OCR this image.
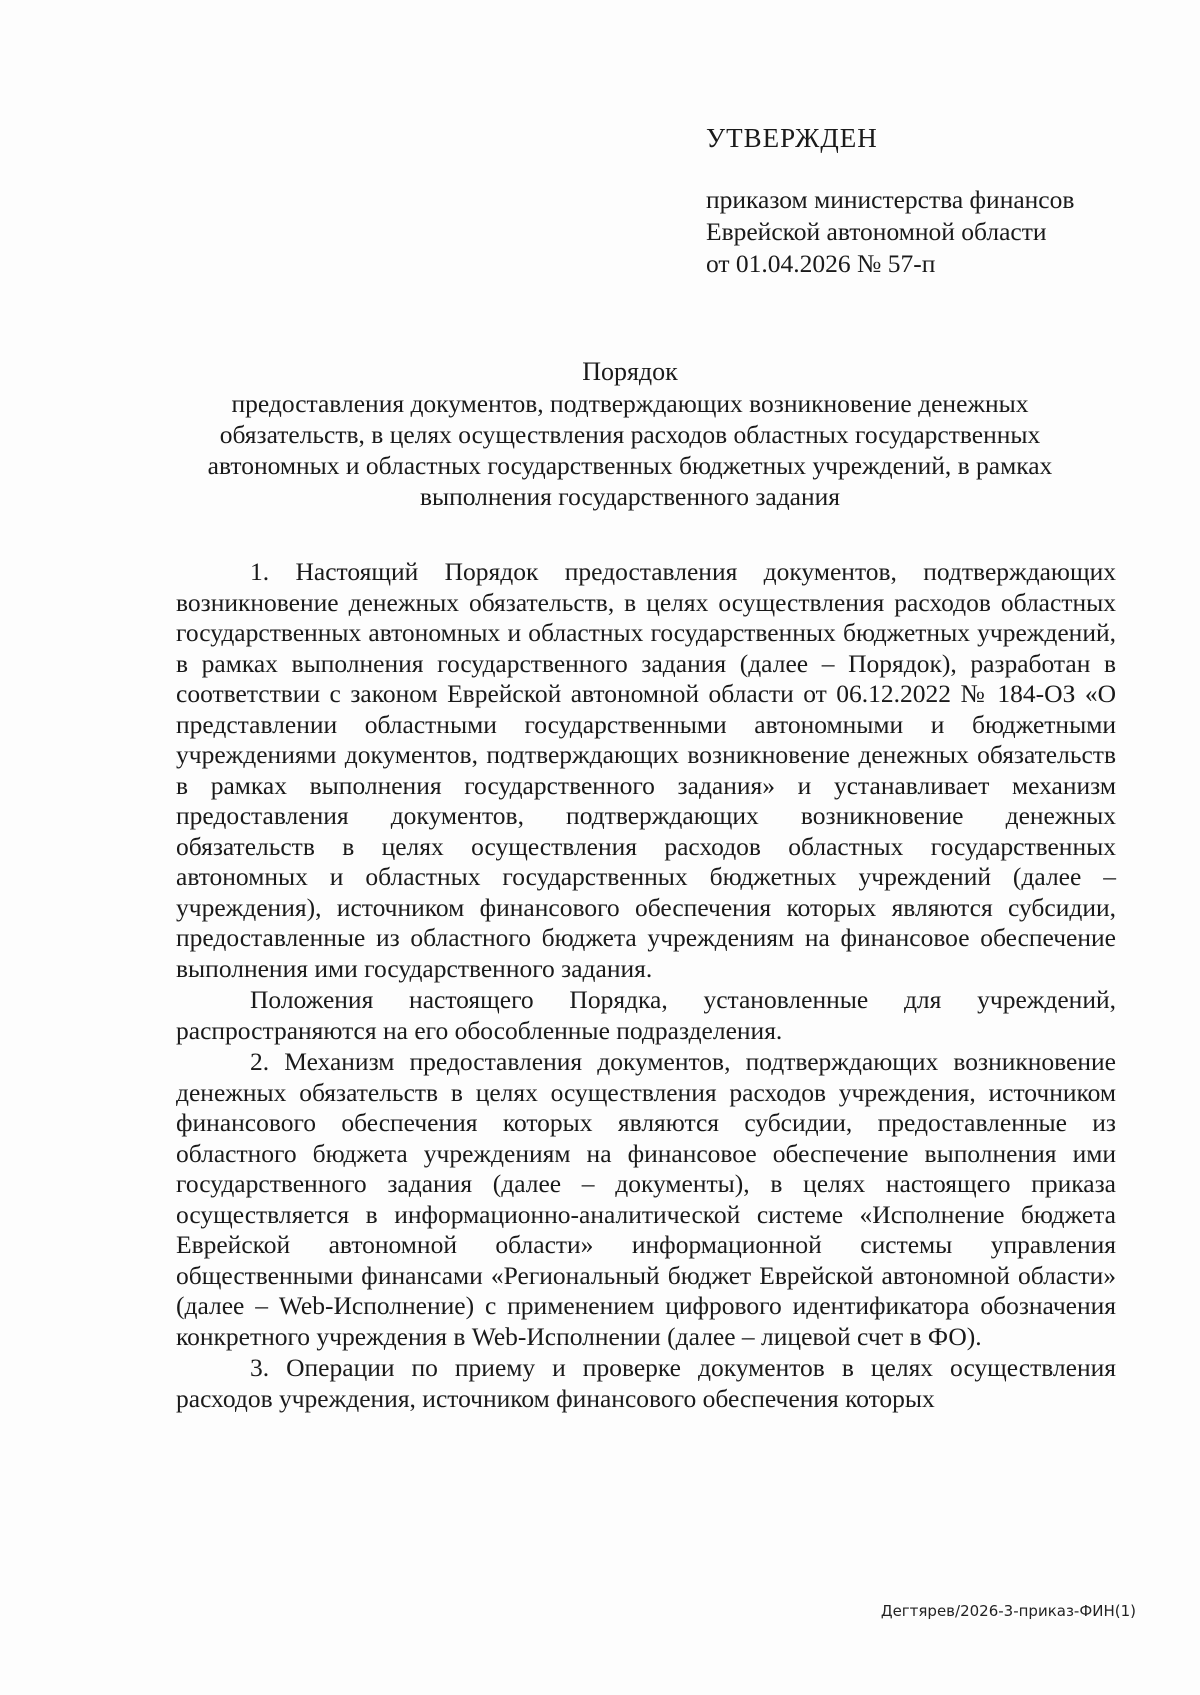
УТВЕРЖДЕН
приказом министерства финансов
Еврейской автономной области
от 01.04.2026 № 57-п
Порядок
предоставления документов, подтверждающих возникновение денежных
обязательств, в целях осуществления расходов областных государственных
автономных и областных государственных бюджетных учреждений, в рамках
выполнения государственного задания

1. Настоящий Порядок предоставления документов, подтверждающих возникновение денежных обязательств, в целях осуществления расходов областных государственных автономных и областных государственных бюджетных учреждений, в рамках выполнения государственного задания (далее – Порядок), разработан в соответствии с законом Еврейской автономной области от 06.12.2022 № 184-ОЗ «О представлении областными государственными автономными и бюджетными учреждениями документов, подтверждающих возникновение денежных обязательств в рамках выполнения государственного задания» и устанавливает механизм предоставления документов, подтверждающих возникновение денежных обязательств в целях осуществления расходов областных государственных автономных и областных государственных бюджетных учреждений (далее – учреждения), источником финансового обеспечения которых являются субсидии, предоставленные из областного бюджета учреждениям на финансовое обеспечение выполнения ими государственного задания.

Положения настоящего Порядка, установленные для учреждений, распространяются на его обособленные подразделения.

2. Механизм предоставления документов, подтверждающих возникновение денежных обязательств в целях осуществления расходов учреждения, источником финансового обеспечения которых являются субсидии, предоставленные из областного бюджета учреждениям на финансовое обеспечение выполнения ими государственного задания (далее – документы), в целях настоящего приказа осуществляется в информационно-аналитической системе «Исполнение бюджета Еврейской автономной области» информационной системы управления общественными финансами «Региональный бюджет Еврейской автономной области» (далее – Web-Исполнение) с применением цифрового идентификатора обозначения конкретного учреждения в Web-Исполнении (далее – лицевой счет в ФО).

3. Операции по приему и проверке документов в целях осуществления расходов учреждения, источником финансового обеспечения которых

Дегтярев/2026-3-приказ-ФИН(1)
